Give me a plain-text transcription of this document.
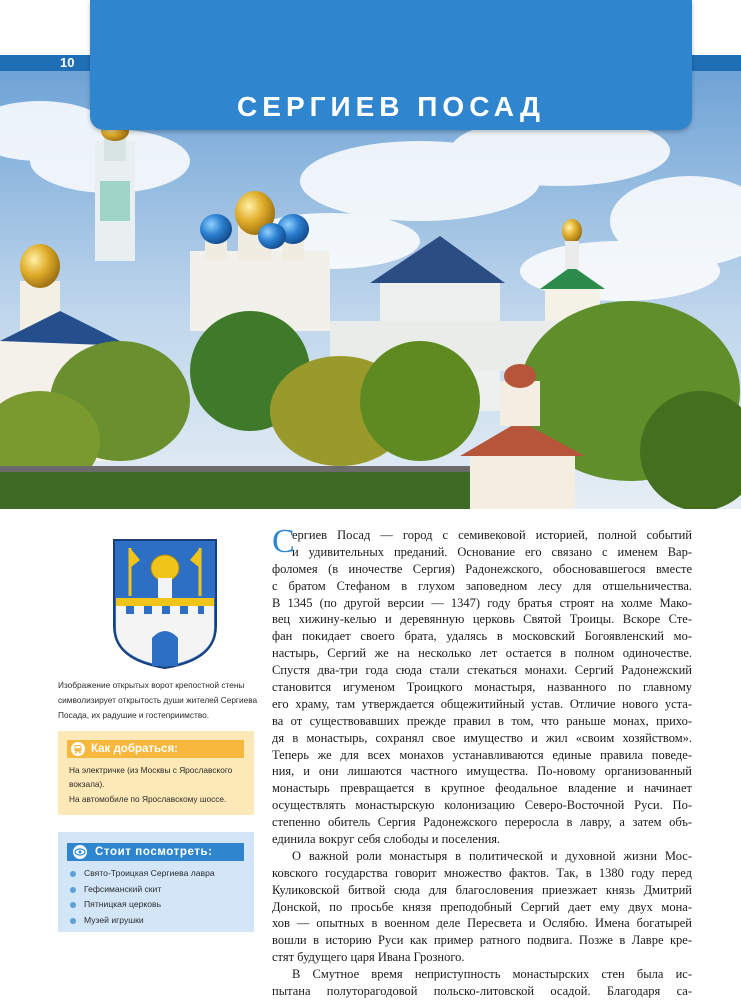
10
СЕРГИЕВ ПОСАД
Изображение открытых ворот крепостной стены
символизирует открытость души жителей Сергиева
Посада, их радушие и гостеприимство.
Как добраться:
На электричке (из Москвы с Ярославского
вокзала).
На автомобиле по Ярославскому шоссе.
Стоит посмотреть:
Свято-Троицкая Сергиева лавра
Гефсиманский скит
Пятницкая церковь
Музей игрушки
С
ергиев Посад — город с семивековой историей, полной событий
и удивительных преданий. Основание его связано с именем Вар-
фоломея (в иночестве Сергия) Радонежского, обосновавшегося вместе
с братом Стефаном в глухом заповедном лесу для отшельничества.
В 1345 (по другой версии — 1347) году братья строят на холме Мако-
вец хижину-келью и деревянную церковь Святой Троицы. Вскоре Сте-
фан покидает своего брата, удалясь в московский Богоявленский мо-
настырь, Сергий же на несколько лет остается в полном одиночестве.
Спустя два-три года сюда стали стекаться монахи. Сергий Радонежский
становится игуменом Троицкого монастыря, названного по главному
его храму, там утверждается общежитийный устав. Отличие нового уста-
ва от существовавших прежде правил в том, что раньше монах, прихо-
дя в монастырь, сохранял свое имущество и жил «своим хозяйством».
Теперь же для всех монахов устанавливаются единые правила поведе-
ния, и они лишаются частного имущества. По-новому организованный
монастырь превращается в крупное феодальное владение и начинает
осуществлять монастырскую колонизацию Северо-Восточной Руси. По-
степенно обитель Сергия Радонежского переросла в лавру, а затем объ-
единила вокруг себя слободы и поселения.
О важной роли монастыря в политической и духовной жизни Мос-
ковского государства говорит множество фактов. Так, в 1380 году перед
Куликовской битвой сюда для благословения приезжает князь Дмитрий
Донской, по просьбе князя преподобный Сергий дает ему двух мона-
хов — опытных в военном деле Пересвета и Ослябю. Имена богатырей
вошли в историю Руси как пример ратного подвига. Позже в Лавре кре-
стят будущего царя Ивана Грозного.
В Смутное время неприступность монастырских стен была ис-
пытана полуторагодовой польско-литовской осадой. Благодаря са-
